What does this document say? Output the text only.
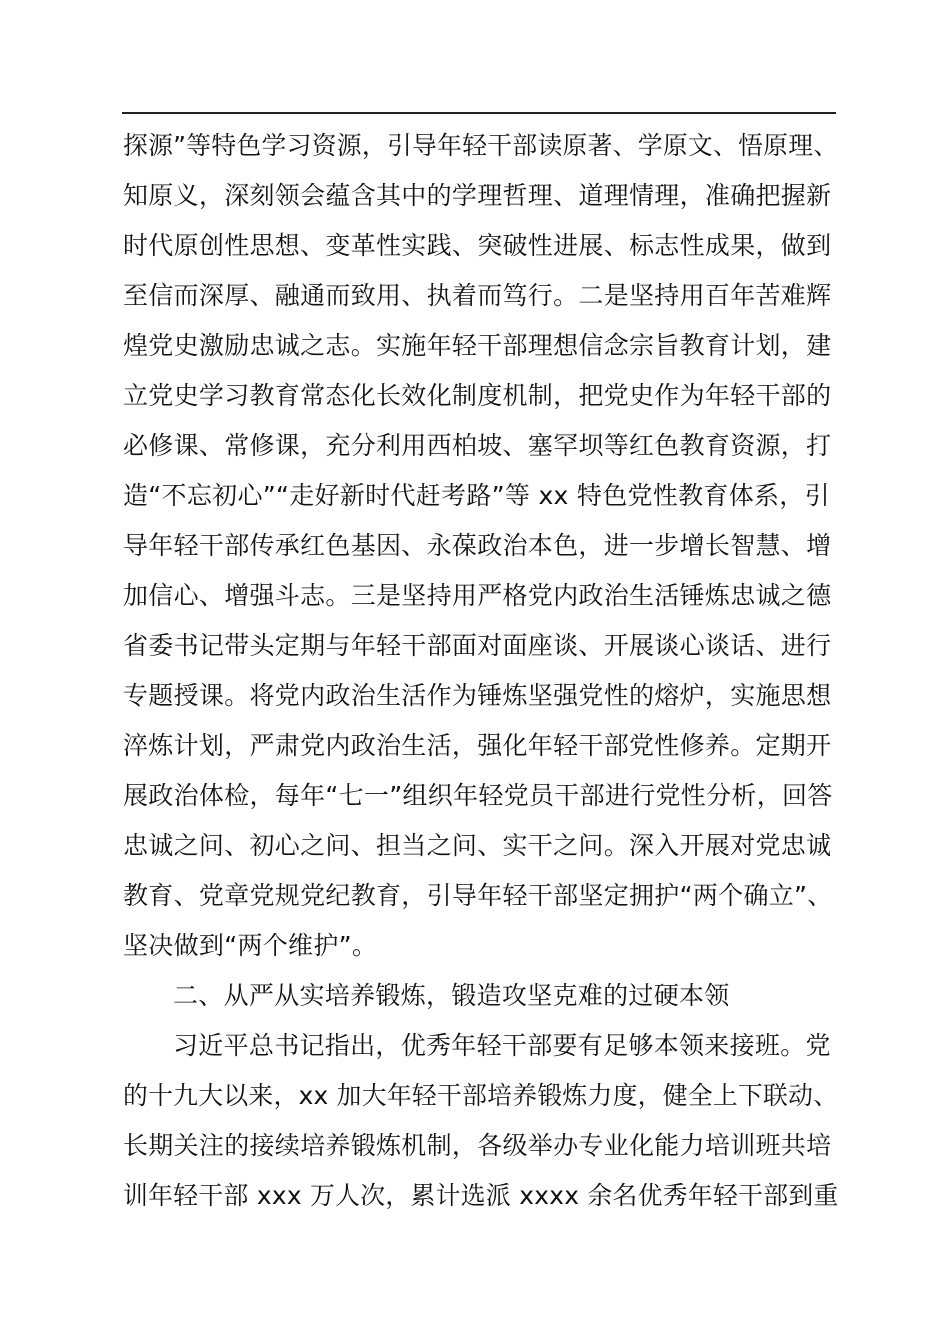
探源”等特色学习资源，引导年轻干部读原著、学原文、悟原理、
知原义，深刻领会蕴含其中的学理哲理、道理情理，准确把握新
时代原创性思想、变革性实践、突破性进展、标志性成果，做到
至信而深厚、融通而致用、执着而笃行。二是坚持用百年苦难辉
煌党史激励忠诚之志。实施年轻干部理想信念宗旨教育计划，建
立党史学习教育常态化长效化制度机制，把党史作为年轻干部的
必修课、常修课，充分利用西柏坡、塞罕坝等红色教育资源，打
造“不忘初心”“走好新时代赶考路”等 xx 特色党性教育体系，引
导年轻干部传承红色基因、永葆政治本色，进一步增长智慧、增
加信心、增强斗志。三是坚持用严格党内政治生活锤炼忠诚之德
省委书记带头定期与年轻干部面对面座谈、开展谈心谈话、进行
专题授课。将党内政治生活作为锤炼坚强党性的熔炉，实施思想
淬炼计划，严肃党内政治生活，强化年轻干部党性修养。定期开
展政治体检，每年“七一”组织年轻党员干部进行党性分析，回答
忠诚之问、初心之问、担当之问、实干之问。深入开展对党忠诚
教育、党章党规党纪教育，引导年轻干部坚定拥护“两个确立”、
坚决做到“两个维护”。
二、从严从实培养锻炼，锻造攻坚克难的过硬本领
习近平总书记指出，优秀年轻干部要有足够本领来接班。党
的十九大以来，xx 加大年轻干部培养锻炼力度，健全上下联动、
长期关注的接续培养锻炼机制，各级举办专业化能力培训班共培
训年轻干部 xxx 万人次，累计选派 xxxx 余名优秀年轻干部到重
